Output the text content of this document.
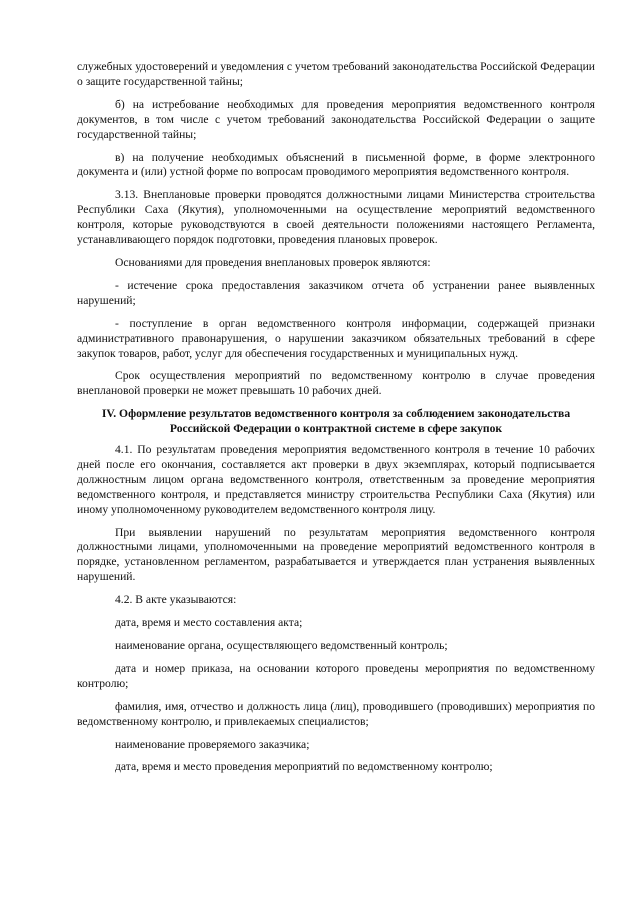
служебных удостоверений и уведомления с учетом требований законодательства Российской Федерации о защите государственной тайны;

б) на истребование необходимых для проведения мероприятия ведомственного контроля документов, в том числе с учетом требований законодательства Российской Федерации о защите государственной тайны;

в) на получение необходимых объяснений в письменной форме, в форме электронного документа и (или) устной форме по вопросам проводимого мероприятия ведомственного контроля.

3.13. Внеплановые проверки проводятся должностными лицами Министерства строительства Республики Саха (Якутия), уполномоченными на осуществление мероприятий ведомственного контроля, которые руководствуются в своей деятельности положениями настоящего Регламента, устанавливающего порядок подготовки, проведения плановых проверок.

Основаниями для проведения внеплановых проверок являются:

- истечение срока предоставления заказчиком отчета об устранении ранее выявленных нарушений;

- поступление в орган ведомственного контроля информации, содержащей признаки административного правонарушения, о нарушении заказчиком обязательных требований в сфере закупок товаров, работ, услуг для обеспечения государственных и муниципальных нужд.

Срок осуществления мероприятий по ведомственному контролю в случае проведения внеплановой проверки не может превышать 10 рабочих дней.

IV. Оформление результатов ведомственного контроля за соблюдением законодательства Российской Федерации о контрактной системе в сфере закупок

4.1. По результатам проведения мероприятия ведомственного контроля в течение 10 рабочих дней после его окончания, составляется акт проверки в двух экземплярах, который подписывается должностным лицом органа ведомственного контроля, ответственным за проведение мероприятия ведомственного контроля, и представляется министру строительства Республики Саха (Якутия) или иному уполномоченному руководителем ведомственного контроля лицу.

При выявлении нарушений по результатам мероприятия ведомственного контроля должностными лицами, уполномоченными на проведение мероприятий ведомственного контроля в порядке, установленном регламентом, разрабатывается и утверждается план устранения выявленных нарушений.

4.2. В акте указываются:

дата, время и место составления акта;

наименование органа, осуществляющего ведомственный контроль;

дата и номер приказа, на основании которого проведены мероприятия по ведомственному контролю;

фамилия, имя, отчество и должность лица (лиц), проводившего (проводивших) мероприятия по ведомственному контролю, и привлекаемых специалистов;

наименование проверяемого заказчика;

дата, время и место проведения мероприятий по ведомственному контролю;
